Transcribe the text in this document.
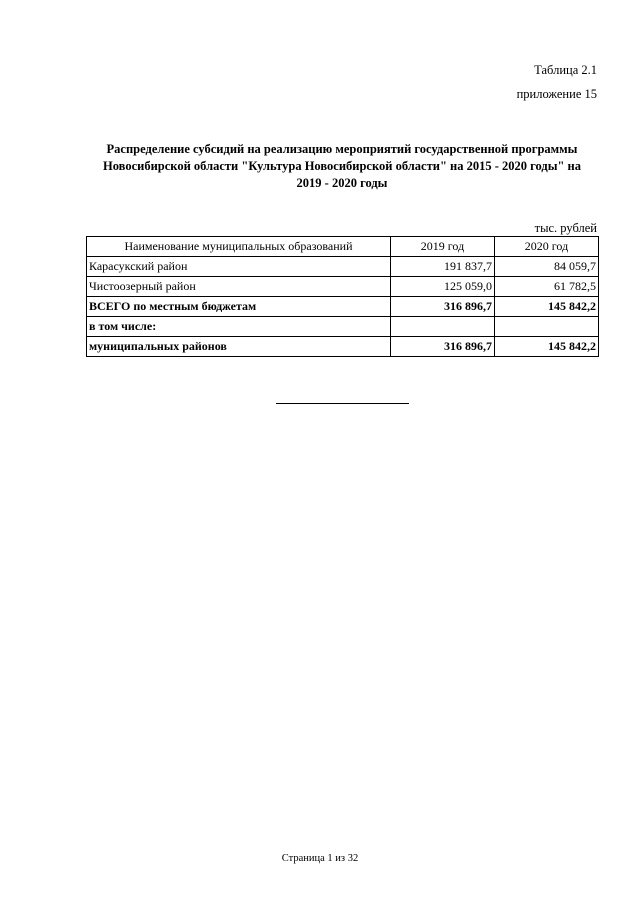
Таблица 2.1
приложение 15
Распределение субсидий на реализацию мероприятий государственной программы
Новосибирской области "Культура Новосибирской области" на 2015 - 2020 годы" на
2019 - 2020 годы
тыс. рублей
Наименование муниципальных образований	2019 год	2020 год
Карасукский район	191 837,7	84 059,7
Чистоозерный район	125 059,0	61 782,5
ВСЕГО по местным бюджетам	316 896,7	145 842,2
в том числе:		
муниципальных районов	316 896,7	145 842,2
Страница 1 из 32
